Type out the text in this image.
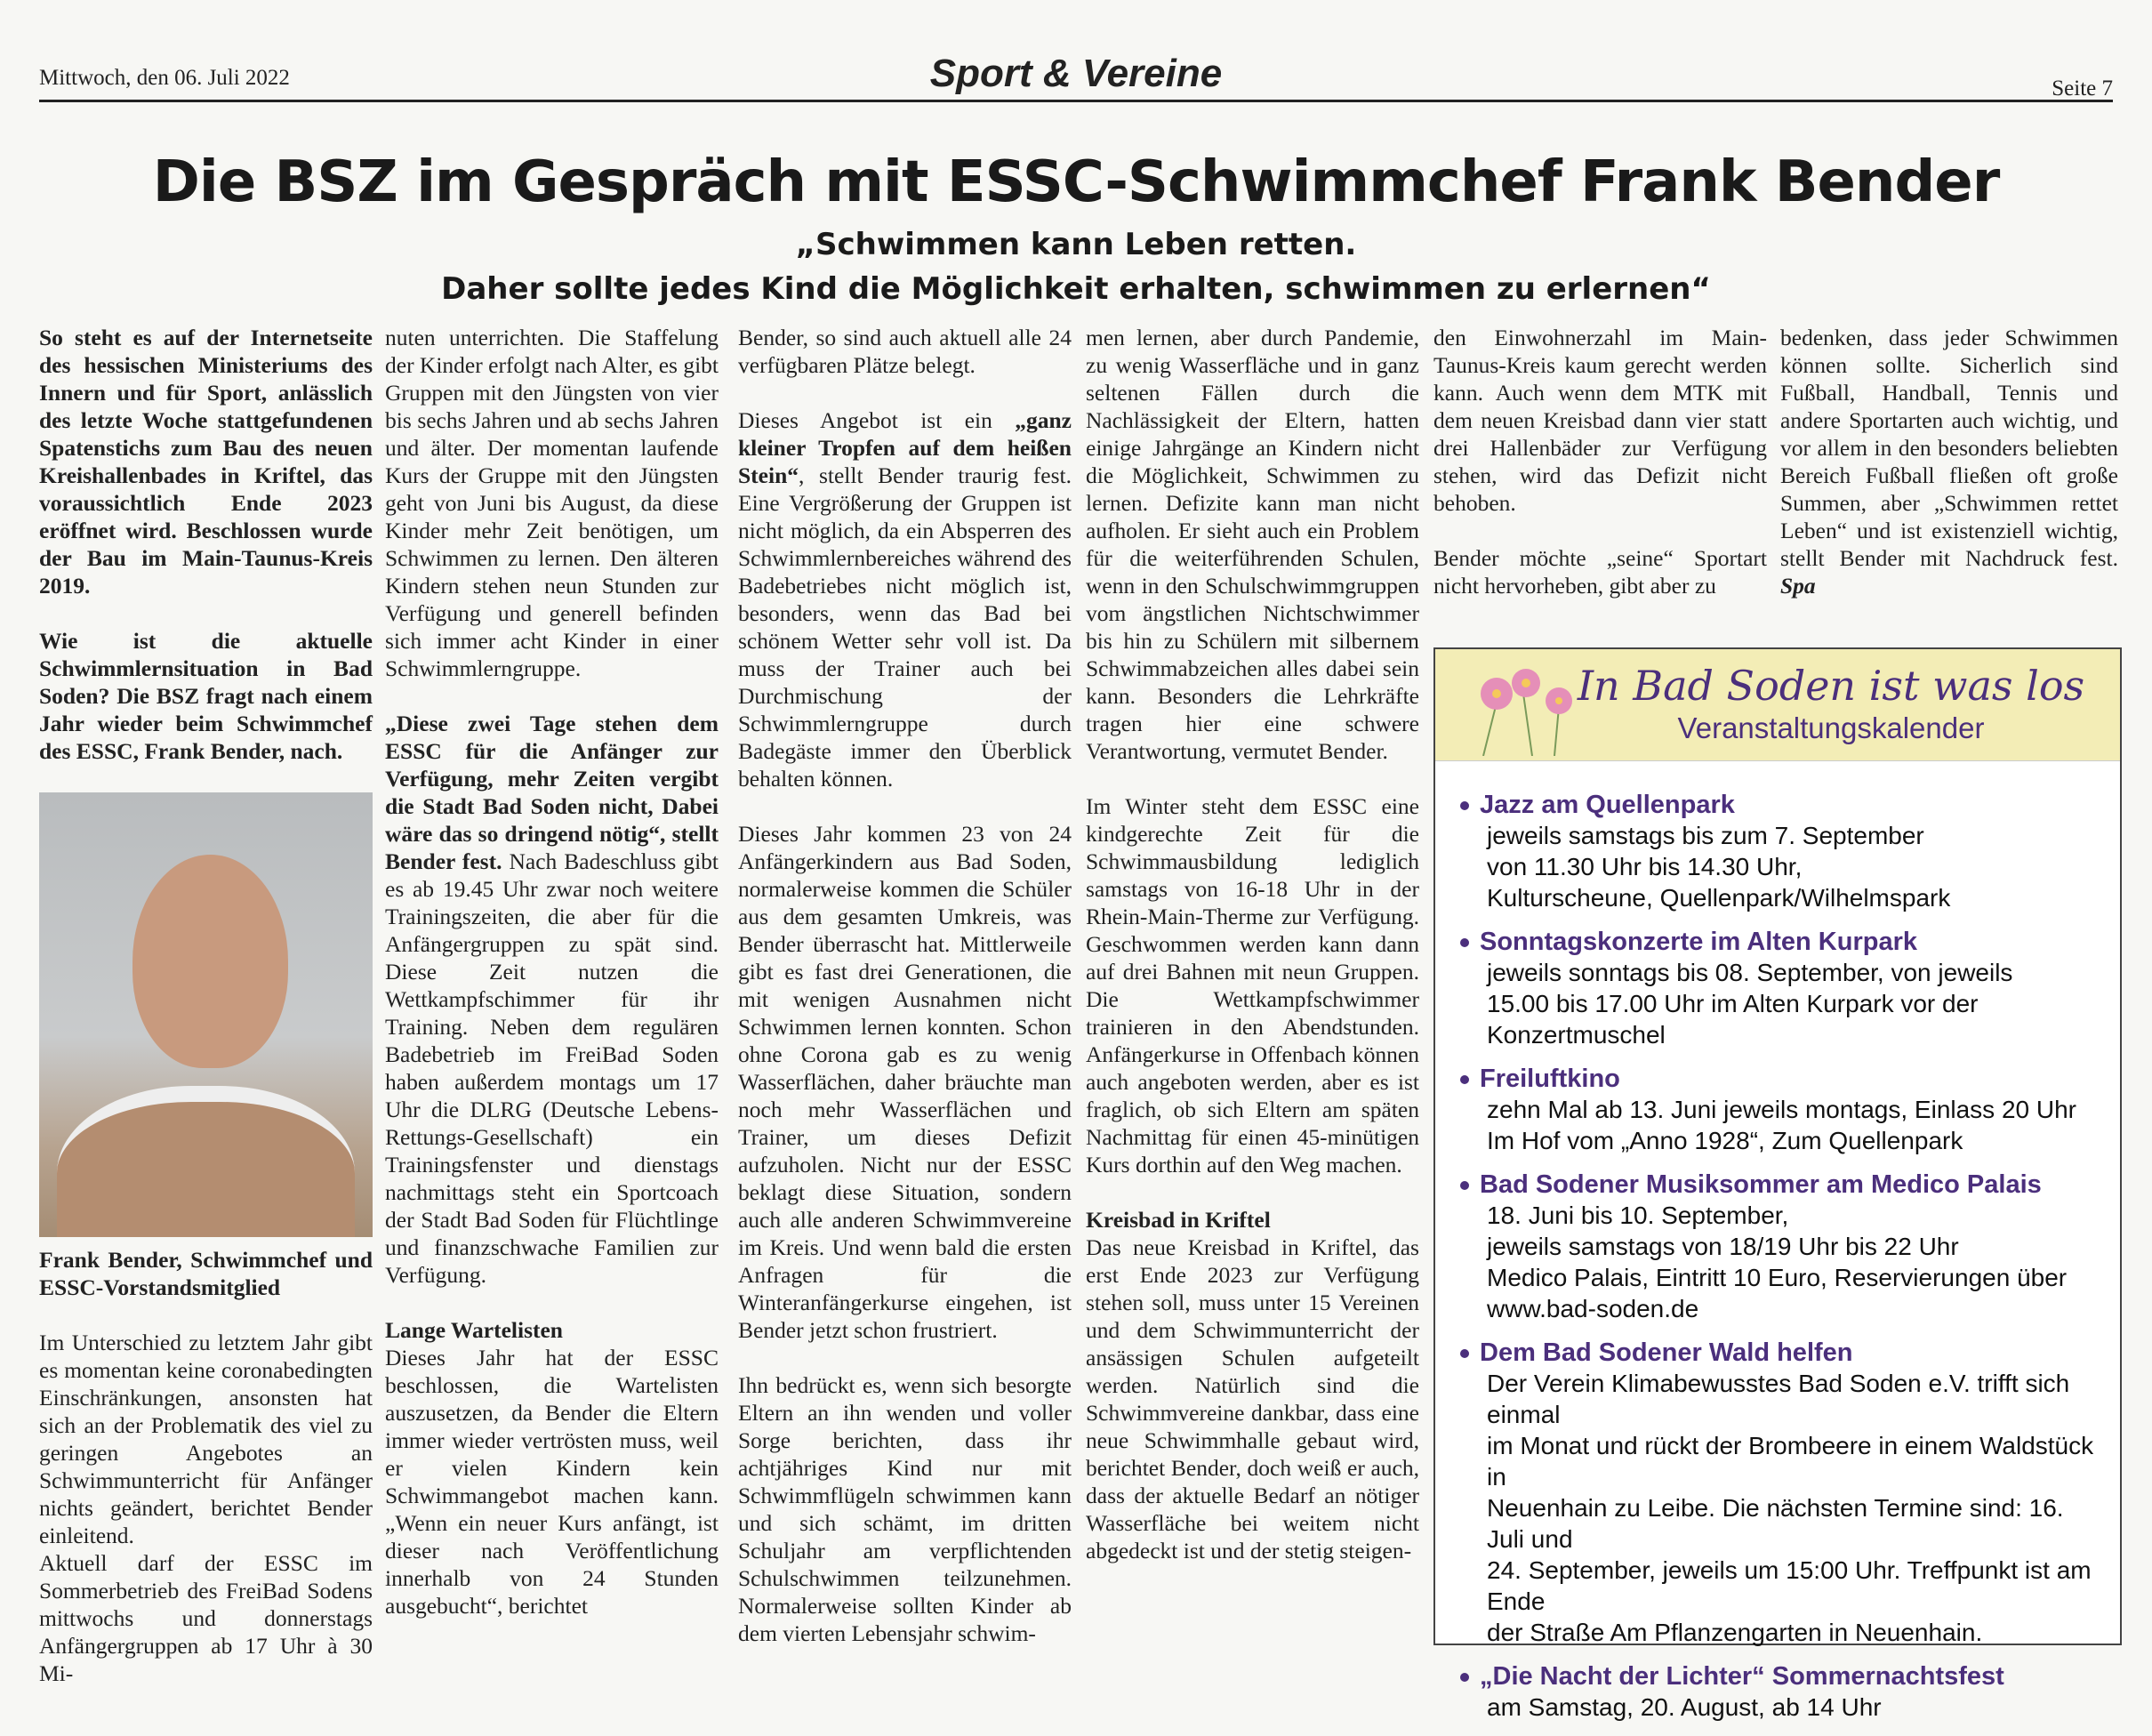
Mittwoch, den 06. Juli 2022	Sport & Vereine	Seite 7
Die BSZ im Gespräch mit ESSC-Schwimmchef Frank Bender
„Schwimmen kann Leben retten.
Daher sollte jedes Kind die Möglichkeit erhalten, schwimmen zu erlernen“

So steht es auf der Internetseite des hessischen Ministeriums des Innern und für Sport, anlässlich des letzte Woche stattgefundenen Spatenstichs zum Bau des neuen Kreishallenbades in Kriftel, das voraussichtlich Ende 2023 eröffnet wird. Beschlossen wurde der Bau im Main-Taunus-Kreis 2019.

Wie ist die aktuelle Schwimmlernsituation in Bad Soden? Die BSZ fragt nach einem Jahr wieder beim Schwimmchef des ESSC, Frank Bender, nach.

Frank Bender, Schwimmchef und ESSC-Vorstandsmitglied

Im Unterschied zu letztem Jahr gibt es momentan keine coronabedingten Einschränkungen, ansonsten hat sich an der Problematik des viel zu geringen Angebotes an Schwimmunterricht für Anfänger nichts geändert, berichtet Bender einleitend.

Aktuell darf der ESSC im Sommerbetrieb des FreiBad Sodens mittwochs und donnerstags Anfängergruppen ab 17 Uhr à 30 Mi-

nuten unterrichten. Die Staffelung der Kinder erfolgt nach Alter, es gibt Gruppen mit den Jüngsten von vier bis sechs Jahren und ab sechs Jahren und älter. Der momentan laufende Kurs der Gruppe mit den Jüngsten geht von Juni bis August, da diese Kinder mehr Zeit benötigen, um Schwimmen zu lernen. Den älteren Kindern stehen neun Stunden zur Verfügung und generell befinden sich immer acht Kinder in einer Schwimmlerngruppe.

„Diese zwei Tage stehen dem ESSC für die Anfänger zur Verfügung, mehr Zeiten vergibt die Stadt Bad Soden nicht, Dabei wäre das so dringend nötig“, stellt Bender fest. Nach Badeschluss gibt es ab 19.45 Uhr zwar noch weitere Trainingszeiten, die aber für die Anfängergruppen zu spät sind. Diese Zeit nutzen die Wettkampfschimmer für ihr Training. Neben dem regulären Badebetrieb im FreiBad Soden haben außerdem montags um 17 Uhr die DLRG (Deutsche Lebens-Rettungs-Gesellschaft) ein Trainingsfenster und dienstags nachmittags steht ein Sportcoach der Stadt Bad Soden für Flüchtlinge und finanzschwache Familien zur Verfügung.

Lange Wartelisten

Dieses Jahr hat der ESSC beschlossen, die Wartelisten auszusetzen, da Bender die Eltern immer wieder vertrösten muss, weil er vielen Kindern kein Schwimmangebot machen kann. „Wenn ein neuer Kurs anfängt, ist dieser nach Veröffentlichung innerhalb von 24 Stunden ausgebucht“, berichtet

Bender, so sind auch aktuell alle 24 verfügbaren Plätze belegt.

Dieses Angebot ist ein „ganz kleiner Tropfen auf dem heißen Stein“, stellt Bender traurig fest. Eine Vergrößerung der Gruppen ist nicht möglich, da ein Absperren des Schwimmlernbereiches während des Badebetriebes nicht möglich ist, besonders, wenn das Bad bei schönem Wetter sehr voll ist. Da muss der Trainer auch bei Durchmischung der Schwimmlerngruppe durch Badegäste immer den Überblick behalten können.

Dieses Jahr kommen 23 von 24 Anfängerkindern aus Bad Soden, normalerweise kommen die Schüler aus dem gesamten Umkreis, was Bender überrascht hat. Mittlerweile gibt es fast drei Generationen, die mit wenigen Ausnahmen nicht Schwimmen lernen konnten. Schon ohne Corona gab es zu wenig Wasserflächen, daher bräuchte man noch mehr Wasserflächen und Trainer, um dieses Defizit aufzuholen. Nicht nur der ESSC beklagt diese Situation, sondern auch alle anderen Schwimmvereine im Kreis. Und wenn bald die ersten Anfragen für die Winteranfängerkurse eingehen, ist Bender jetzt schon frustriert.

Ihn bedrückt es, wenn sich besorgte Eltern an ihn wenden und voller Sorge berichten, dass ihr achtjähriges Kind nur mit Schwimmflügeln schwimmen kann und sich schämt, im dritten Schuljahr am verpflichtenden Schulschwimmen teilzunehmen. Normalerweise sollten Kinder ab dem vierten Lebensjahr schwim-

men lernen, aber durch Pandemie, zu wenig Wasserfläche und in ganz seltenen Fällen durch die Nachlässigkeit der Eltern, hatten einige Jahrgänge an Kindern nicht die Möglichkeit, Schwimmen zu lernen. Defizite kann man nicht aufholen. Er sieht auch ein Problem für die weiterführenden Schulen, wenn in den Schulschwimmgruppen vom ängstlichen Nichtschwimmer bis hin zu Schülern mit silbernem Schwimmabzeichen alles dabei sein kann. Besonders die Lehrkräfte tragen hier eine schwere Verantwortung, vermutet Bender.

Im Winter steht dem ESSC eine kindgerechte Zeit für die Schwimmausbildung lediglich samstags von 16-18 Uhr in der Rhein-Main-Therme zur Verfügung. Geschwommen werden kann dann auf drei Bahnen mit neun Gruppen. Die Wettkampfschwimmer trainieren in den Abendstunden. Anfängerkurse in Offenbach können auch angeboten werden, aber es ist fraglich, ob sich Eltern am späten Nachmittag für einen 45-minütigen Kurs dorthin auf den Weg machen.

Kreisbad in Kriftel

Das neue Kreisbad in Kriftel, das erst Ende 2023 zur Verfügung stehen soll, muss unter 15 Vereinen und dem Schwimmunterricht der ansässigen Schulen aufgeteilt werden. Natürlich sind die Schwimmvereine dankbar, dass eine neue Schwimmhalle gebaut wird, berichtet Bender, doch weiß er auch, dass der aktuelle Bedarf an nötiger Wasserfläche bei weitem nicht abgedeckt ist und der stetig steigen-

den Einwohnerzahl im Main-Taunus-Kreis kaum gerecht werden kann. Auch wenn dem MTK mit dem neuen Kreisbad dann vier statt drei Hallenbäder zur Verfügung stehen, wird das Defizit nicht behoben.

Bender möchte „seine“ Sportart nicht hervorheben, gibt aber zu

bedenken, dass jeder Schwimmen können sollte. Sicherlich sind Fußball, Handball, Tennis und andere Sportarten auch wichtig, und vor allem in den besonders beliebten Bereich Fußball fließen oft große Summen, aber „Schwimmen rettet Leben“ und ist existenziell wichtig, stellt Bender mit Nachdruck fest. Spa

In Bad Soden ist was los
Veranstaltungskalender
Jazz am Quellenpark
jeweils samstags bis zum 7. September
von 11.30 Uhr bis 14.30 Uhr,
Kulturscheune, Quellenpark/Wilhelmspark
Sonntagskonzerte im Alten Kurpark
jeweils sonntags bis 08. September, von jeweils
15.00 bis 17.00 Uhr im Alten Kurpark vor der
Konzertmuschel
Freiluftkino
zehn Mal ab 13. Juni jeweils montags, Einlass 20 Uhr
Im Hof vom „Anno 1928“, Zum Quellenpark
Bad Sodener Musiksommer am Medico Palais
18. Juni bis 10. September,
jeweils samstags von 18/19 Uhr bis 22 Uhr
Medico Palais, Eintritt 10 Euro, Reservierungen über
www.bad-soden.de
Dem Bad Sodener Wald helfen
Der Verein Klimabewusstes Bad Soden e.V. trifft sich einmal
im Monat und rückt der Brombeere in einem Waldstück in
Neuenhain zu Leibe. Die nächsten Termine sind: 16. Juli und
24. September, jeweils um 15:00 Uhr. Treffpunkt ist am Ende
der Straße Am Pflanzengarten in Neuenhain.
„Die Nacht der Lichter“ Sommernachtsfest
am Samstag, 20. August, ab 14 Uhr
